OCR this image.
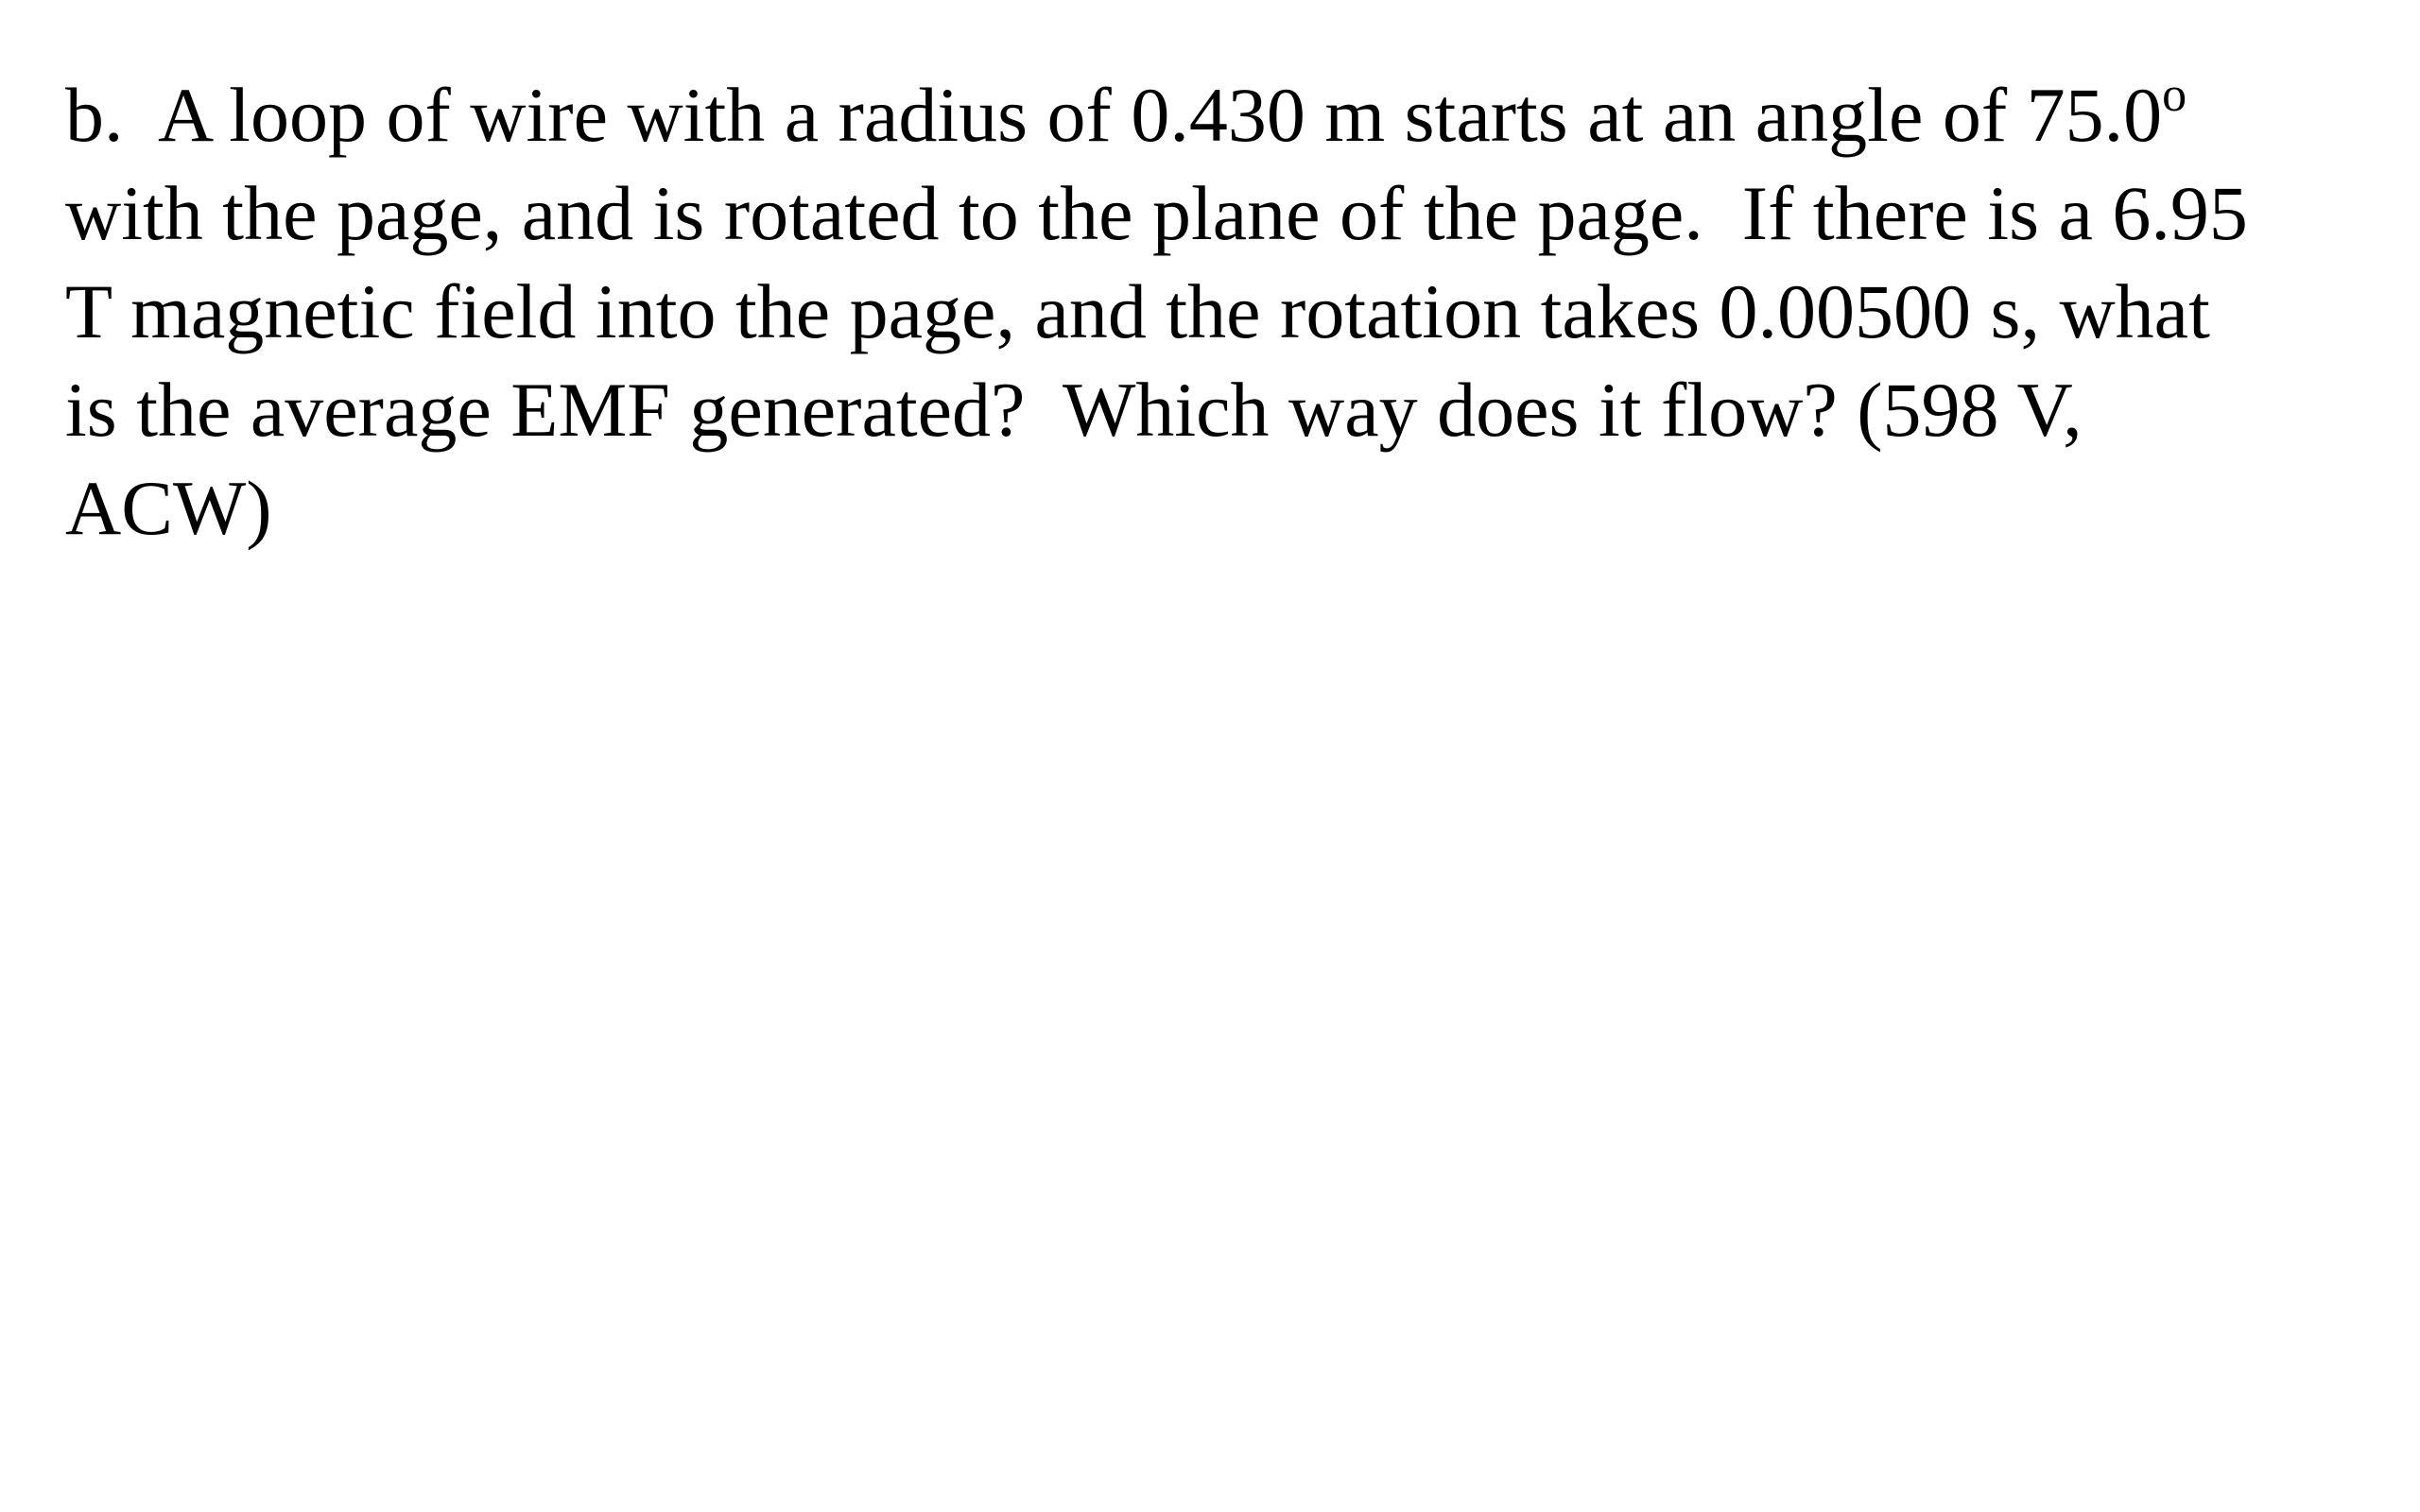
b.  A loop of wire with a radius of 0.430 m starts at an angle of 75.0$^o$
with the page, and is rotated to the plane of the page.  If there is a 6.95
T magnetic field into the page, and the rotation takes 0.00500 s, what
is the average EMF generated?  Which way does it flow? (598 V,
ACW)
